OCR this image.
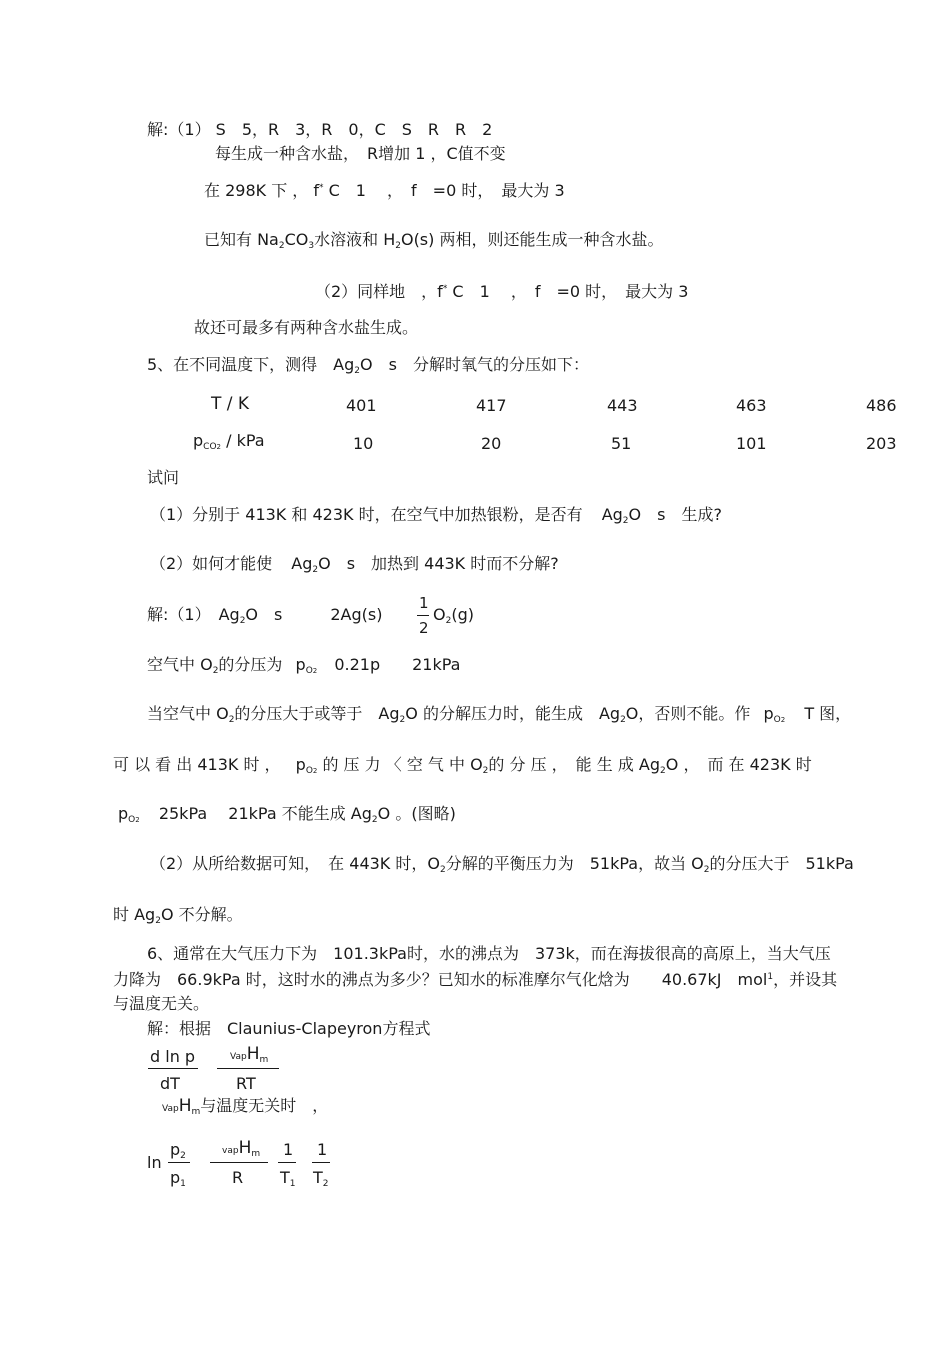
解:（1） S　5，R　3，R　0，C　S　R　R　2
每生成一种含水盐，　R增加 1 ，C值不变
在 298K 下 ， f* C　1　 ，　f　=0 时，　最大为 3
已知有 $Na_2CO_3$水溶液和 $H_2O(s)$ 两相，则还能生成一种含水盐。
（2）同样地　，f* C　1　 ，　f　=0 时，　最大为 3
故还可最多有两种含水盐生成。
5、在不同温度下，测得　$Ag_2O$　s　分解时氧气的分压如下：
T / K	401	417	443	463	486
$p_{CO2}$ / kPa	10	20	51	101	203
试问
（1）分别于 413K 和 423K 时，在空气中加热银粉，是否有 $Ag_2O$　s　生成?
（2）如何才能使 $Ag_2O$　s　加热到 443K 时而不分解?
解:（1）　$Ag_2O$　s　　　2Ag(s)
1
2
$O_2(g)$
空气中 $O_2$的分压为 $p_{O2}$ 0.21p　　21kPa
当空气中 $O_2$的分压大于或等于　$Ag_2O$ 的分解压力时，能生成　$Ag_2O$，否则不能。作 $p_{O2}$ T 图，
可 以 看 出 413K 时 ， $p_{O2}$ 的 压 力 〈 空 气 中 $O_2$的 分 压 ，　能 生 成 $Ag_2O$ ，　而 在 423K 时
$p_{O2}$ 25kPa　 21kPa 不能生成 $Ag_2O$ 。(图略)
（2）从所给数据可知，　在 443K 时，$O_2$分解的平衡压力为　51kPa，故当 $O_2$的分压大于　51kPa
时 $Ag_2O$ 不分解。
6、通常在大气压力下为　101.3kPa时，水的沸点为　373k，而在海拔很高的高原上，当大气压
力降为　66.9kPa 时，这时水的沸点为多少？已知水的标准摩尔气化焓为　　40.67kJ　mol$^1$，并设其
与温度无关。
解：根据　Claunius-Clapeyron方程式
d ln p
dT
VapH$_m$
RT
VapH$_m$与温度无关时　，
ln
$p_2$
$p_1$
vapH$_m$
R
1
$T_1$
1
$T_2$
